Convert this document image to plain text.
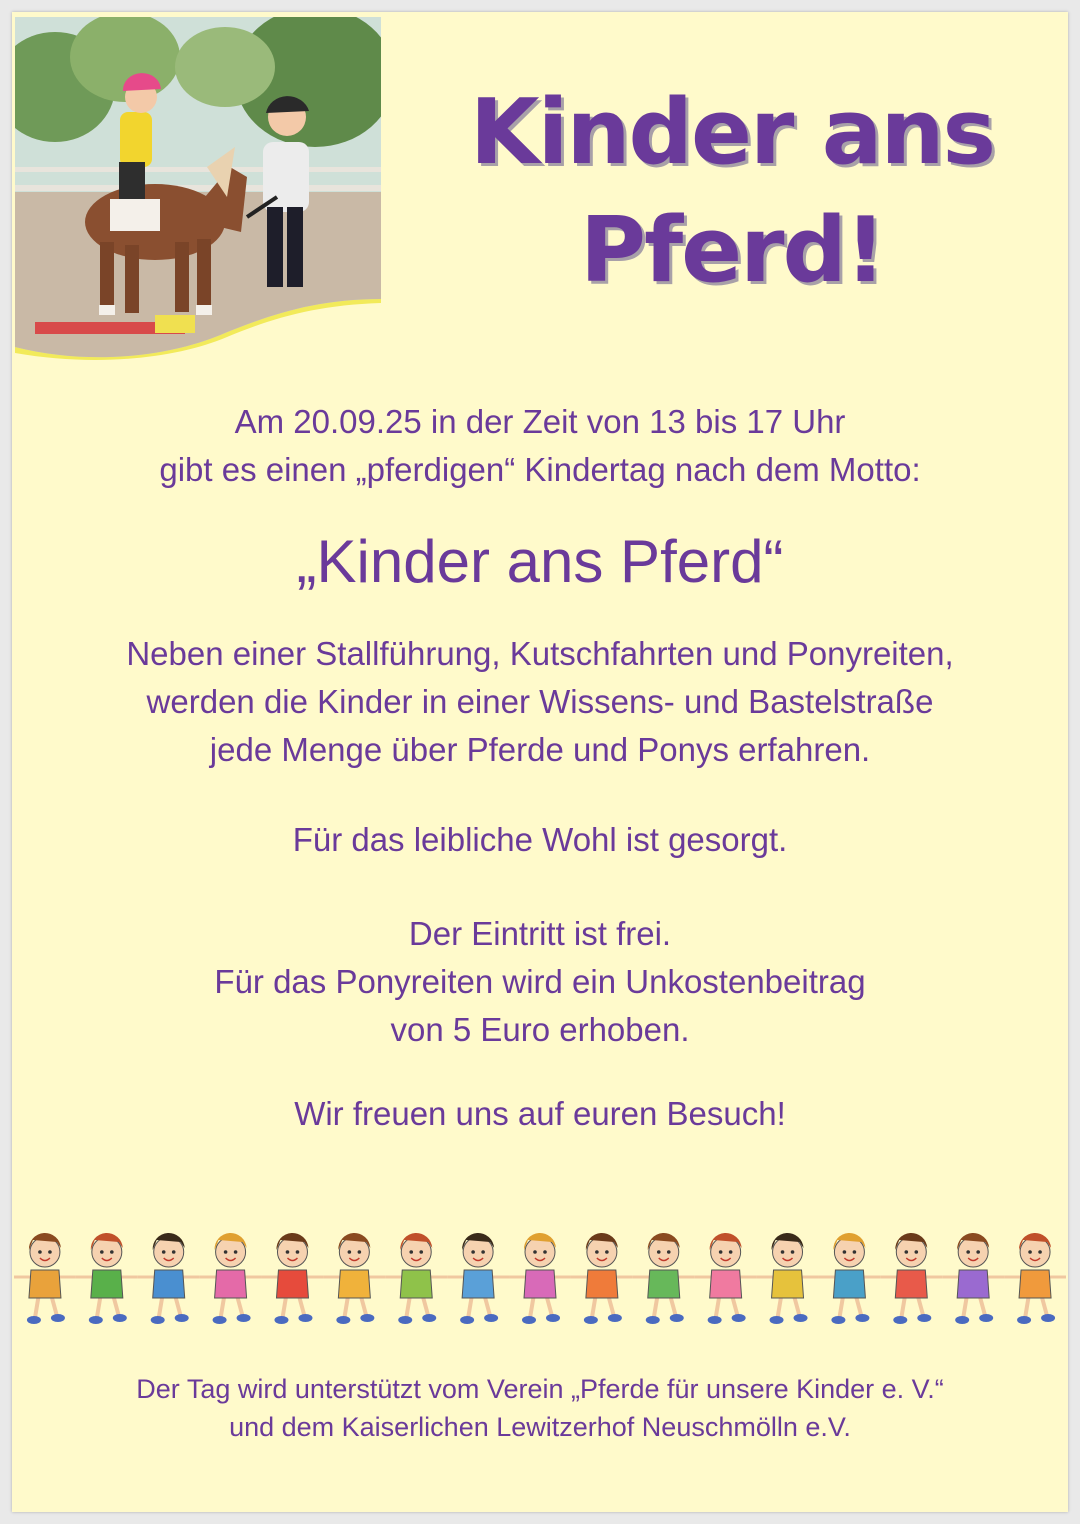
Kinder ans
Pferd!

Am 20.09.25 in der Zeit von 13 bis 17 Uhr
gibt es einen „pferdigen“ Kindertag nach dem Motto:

„Kinder ans Pferd“

Neben einer Stallführung, Kutschfahrten und Ponyreiten,
werden die Kinder in einer Wissens- und Bastelstraße
jede Menge über Pferde und Ponys erfahren.

Für das leibliche Wohl ist gesorgt.

Der Eintritt ist frei.
Für das Ponyreiten wird ein Unkostenbeitrag
von 5 Euro erhoben.

Wir freuen uns auf euren Besuch!

Der Tag wird unterstützt vom Verein „Pferde für unsere Kinder e. V.“
und dem Kaiserlichen Lewitzerhof Neuschmölln e.V.
